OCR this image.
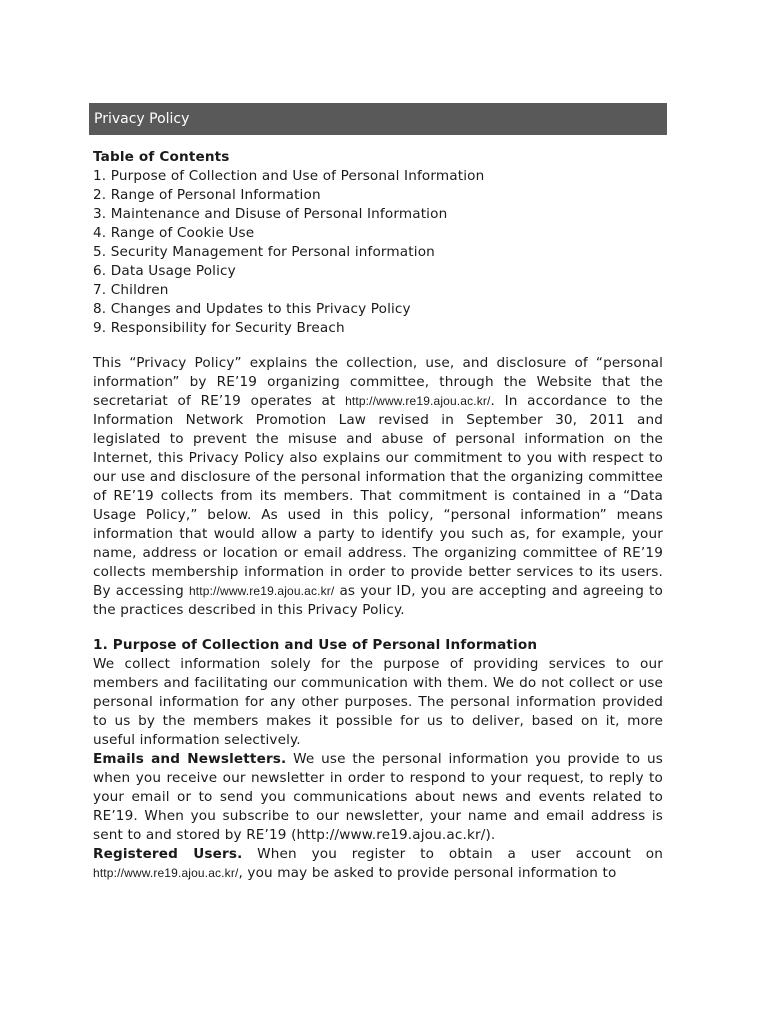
Privacy Policy
Table of Contents
1. Purpose of Collection and Use of Personal Information
2. Range of Personal Information
3. Maintenance and Disuse of Personal Information
4. Range of Cookie Use
5. Security Management for Personal information
6. Data Usage Policy
7. Children
8. Changes and Updates to this Privacy Policy
9. Responsibility for Security Breach

This “Privacy Policy” explains the collection, use, and disclosure of “personal information” by RE’19 organizing committee, through the Website that the secretariat of RE’19 operates at http://www.re19.ajou.ac.kr/. In accordance to the Information Network Promotion Law revised in September 30, 2011 and legislated to prevent the misuse and abuse of personal information on the Internet, this Privacy Policy also explains our commitment to you with respect to our use and disclosure of the personal information that the organizing committee of RE’19 collects from its members. That commitment is contained in a “Data Usage Policy,” below. As used in this policy, “personal information” means information that would allow a party to identify you such as, for example, your name, address or location or email address. The organizing committee of RE’19 collects membership information in order to provide better services to its users. By accessing http://www.re19.ajou.ac.kr/ as your ID, you are accepting and agreeing to the practices described in this Privacy Policy.

1. Purpose of Collection and Use of Personal Information

We collect information solely for the purpose of providing services to our members and facilitating our communication with them. We do not collect or use personal information for any other purposes. The personal information provided to us by the members makes it possible for us to deliver, based on it, more useful information selectively.

Emails and Newsletters. We use the personal information you provide to us when you receive our newsletter in order to respond to your request, to reply to your email or to send you communications about news and events related to RE’19. When you subscribe to our newsletter, your name and email address is sent to and stored by RE’19 (http://www.re19.ajou.ac.kr/).

Registered Users. When you register to obtain a user account on http://www.re19.ajou.ac.kr/, you may be asked to provide personal information to
